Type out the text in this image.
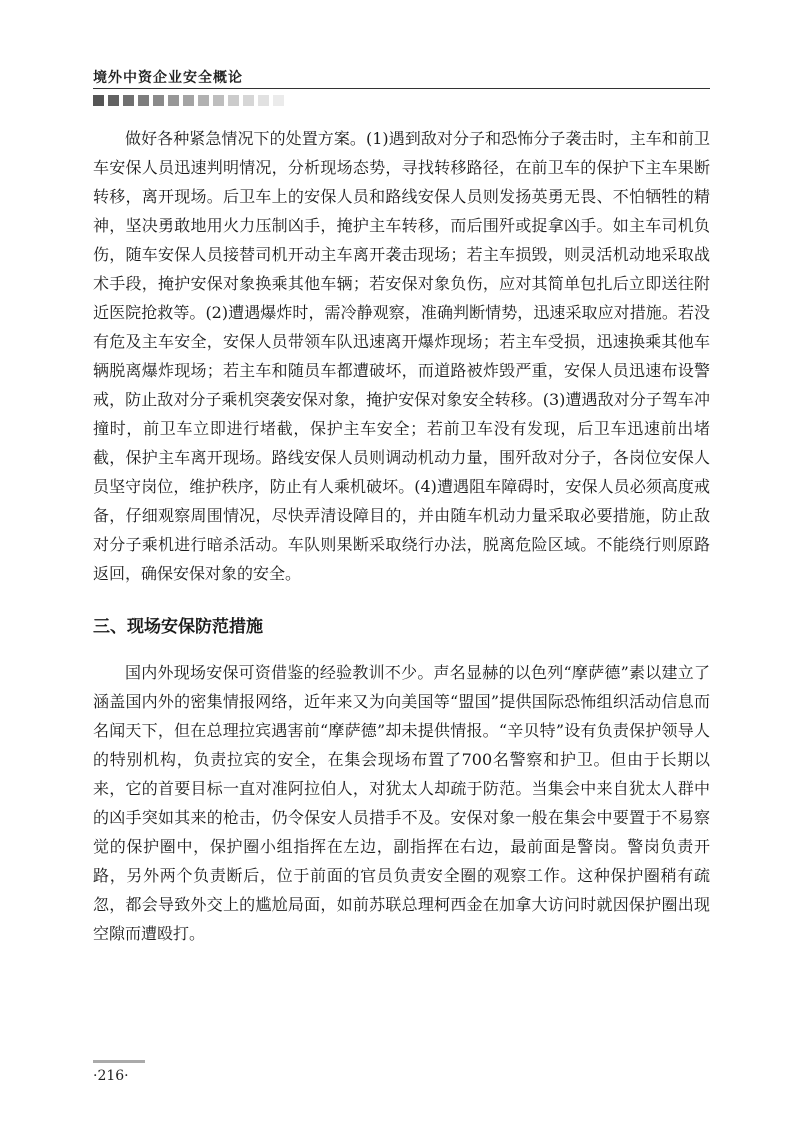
境外中资企业安全概论

做好各种紧急情况下的处置方案。(1)遇到敌对分子和恐怖分子袭击时，主车和前卫车安保人员迅速判明情况，分析现场态势，寻找转移路径，在前卫车的保护下主车果断转移，离开现场。后卫车上的安保人员和路线安保人员则发扬英勇无畏、不怕牺牲的精神，坚决勇敢地用火力压制凶手，掩护主车转移，而后围歼或捉拿凶手。如主车司机负伤，随车安保人员接替司机开动主车离开袭击现场；若主车损毁，则灵活机动地采取战术手段，掩护安保对象换乘其他车辆；若安保对象负伤，应对其简单包扎后立即送往附近医院抢救等。(2)遭遇爆炸时，需冷静观察，准确判断情势，迅速采取应对措施。若没有危及主车安全，安保人员带领车队迅速离开爆炸现场；若主车受损，迅速换乘其他车辆脱离爆炸现场；若主车和随员车都遭破坏，而道路被炸毁严重，安保人员迅速布设警戒，防止敌对分子乘机突袭安保对象，掩护安保对象安全转移。(3)遭遇敌对分子驾车冲撞时，前卫车立即进行堵截，保护主车安全；若前卫车没有发现，后卫车迅速前出堵截，保护主车离开现场。路线安保人员则调动机动力量，围歼敌对分子，各岗位安保人员坚守岗位，维护秩序，防止有人乘机破坏。(4)遭遇阻车障碍时，安保人员必须高度戒备，仔细观察周围情况，尽快弄清设障目的，并由随车机动力量采取必要措施，防止敌对分子乘机进行暗杀活动。车队则果断采取绕行办法，脱离危险区域。不能绕行则原路返回，确保安保对象的安全。

三、现场安保防范措施

国内外现场安保可资借鉴的经验教训不少。声名显赫的以色列“摩萨德”素以建立了涵盖国内外的密集情报网络，近年来又为向美国等“盟国”提供国际恐怖组织活动信息而名闻天下，但在总理拉宾遇害前“摩萨德”却未提供情报。“辛贝特”设有负责保护领导人的特别机构，负责拉宾的安全，在集会现场布置了700名警察和护卫。但由于长期以来，它的首要目标一直对准阿拉伯人，对犹太人却疏于防范。当集会中来自犹太人群中的凶手突如其来的枪击，仍令保安人员措手不及。安保对象一般在集会中要置于不易察觉的保护圈中，保护圈小组指挥在左边，副指挥在右边，最前面是警岗。警岗负责开路，另外两个负责断后，位于前面的官员负责安全圈的观察工作。这种保护圈稍有疏忽，都会导致外交上的尴尬局面，如前苏联总理柯西金在加拿大访问时就因保护圈出现空隙而遭殴打。

·216·
